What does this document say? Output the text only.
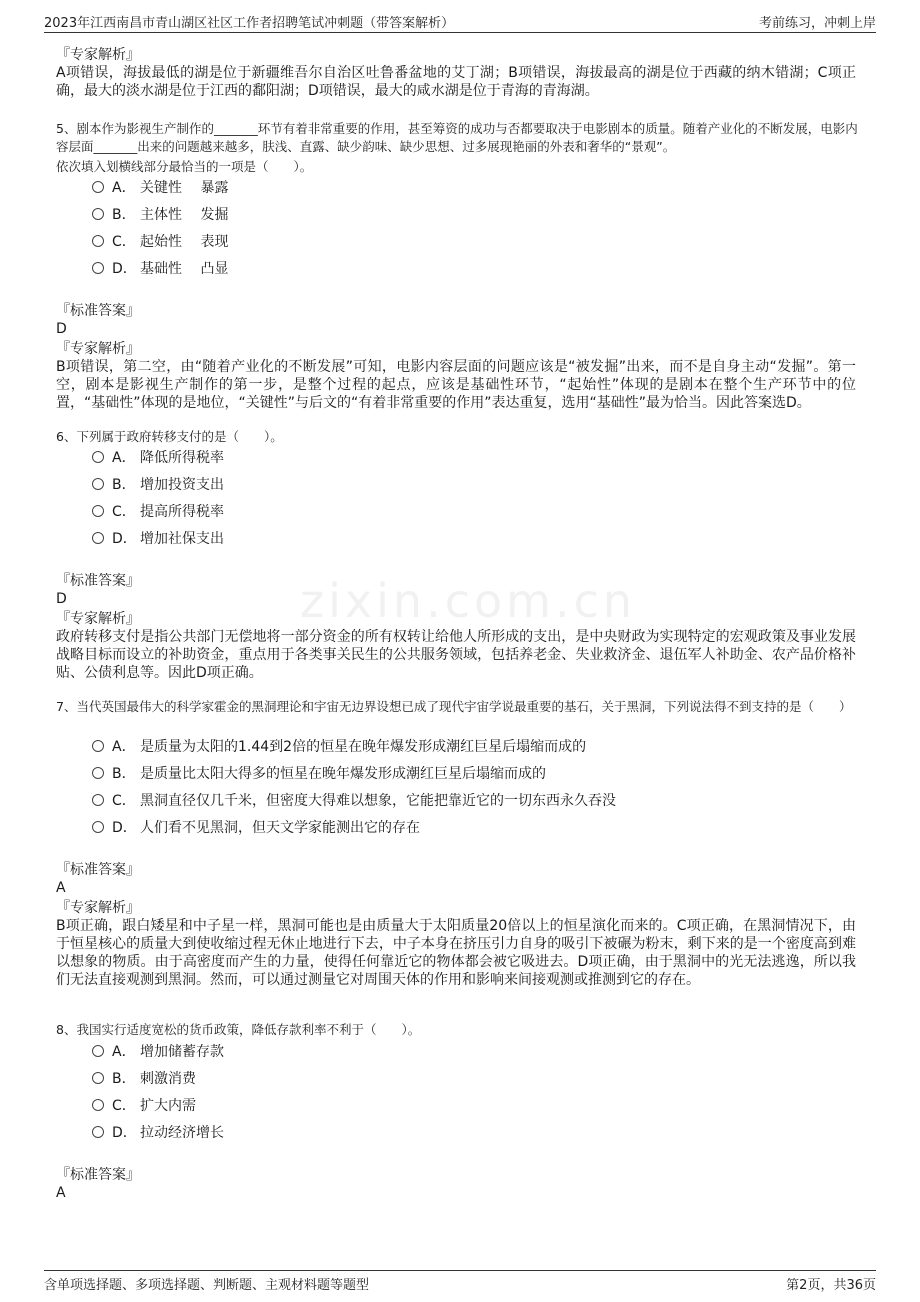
2023年江西南昌市青山湖区社区工作者招聘笔试冲刺题（带答案解析）	考前练习，冲刺上岸
zixin.com.cn
『专家解析』
A项错误，海拔最低的湖是位于新疆维吾尔自治区吐鲁番盆地的艾丁湖；B项错误，海拔最高的湖是位于西藏的纳木错湖；C项正确，最大的淡水湖是位于江西的鄱阳湖；D项错误，最大的咸水湖是位于青海的青海湖。
5、剧本作为影视生产制作的_______环节有着非常重要的作用，甚至筹资的成功与否都要取决于电影剧本的质量。随着产业化的不断发展，电影内容层面_______出来的问题越来越多，肤浅、直露、缺少韵味、缺少思想、过多展现艳丽的外表和奢华的“景观”。
依次填入划横线部分最恰当的一项是（　　）。
A． 关键性　 暴露
B． 主体性　 发掘
C． 起始性　 表现
D． 基础性　 凸显
『标准答案』
D
『专家解析』
B项错误，第二空，由“随着产业化的不断发展”可知，电影内容层面的问题应该是“被发掘”出来，而不是自身主动“发掘”。第一空，剧本是影视生产制作的第一步，是整个过程的起点，应该是基础性环节，“起始性”体现的是剧本在整个生产环节中的位置，“基础性”体现的是地位，“关键性”与后文的“有着非常重要的作用”表达重复，选用“基础性”最为恰当。因此答案选D。
6、下列属于政府转移支付的是（　　）。
A． 降低所得税率
B． 增加投资支出
C． 提高所得税率
D． 增加社保支出
『标准答案』
D
『专家解析』
政府转移支付是指公共部门无偿地将一部分资金的所有权转让给他人所形成的支出，是中央财政为实现特定的宏观政策及事业发展战略目标而设立的补助资金，重点用于各类事关民生的公共服务领域，包括养老金、失业救济金、退伍军人补助金、农产品价格补贴、公债利息等。因此D项正确。
7、当代英国最伟大的科学家霍金的黑洞理论和宇宙无边界设想已成了现代宇宙学说最重要的基石，关于黑洞，下列说法得不到支持的是（　　）
A． 是质量为太阳的1.44到2倍的恒星在晚年爆发形成潮红巨星后塌缩而成的
B． 是质量比太阳大得多的恒星在晚年爆发形成潮红巨星后塌缩而成的
C． 黑洞直径仅几千米，但密度大得难以想象，它能把靠近它的一切东西永久吞没
D． 人们看不见黑洞，但天文学家能测出它的存在
『标准答案』
A
『专家解析』
B项正确，跟白矮星和中子星一样，黑洞可能也是由质量大于太阳质量20倍以上的恒星演化而来的。C项正确，在黑洞情况下，由于恒星核心的质量大到使收缩过程无休止地进行下去，中子本身在挤压引力自身的吸引下被碾为粉末，剩下来的是一个密度高到难以想象的物质。由于高密度而产生的力量，使得任何靠近它的物体都会被它吸进去。D项正确，由于黑洞中的光无法逃逸，所以我们无法直接观测到黑洞。然而，可以通过测量它对周围天体的作用和影响来间接观测或推测到它的存在。
8、我国实行适度宽松的货币政策，降低存款利率不利于（　　）。
A． 增加储蓄存款
B． 刺激消费
C． 扩大内需
D． 拉动经济增长
『标准答案』
A
含单项选择题、多项选择题、判断题、主观材料题等题型	第2页，共36页
